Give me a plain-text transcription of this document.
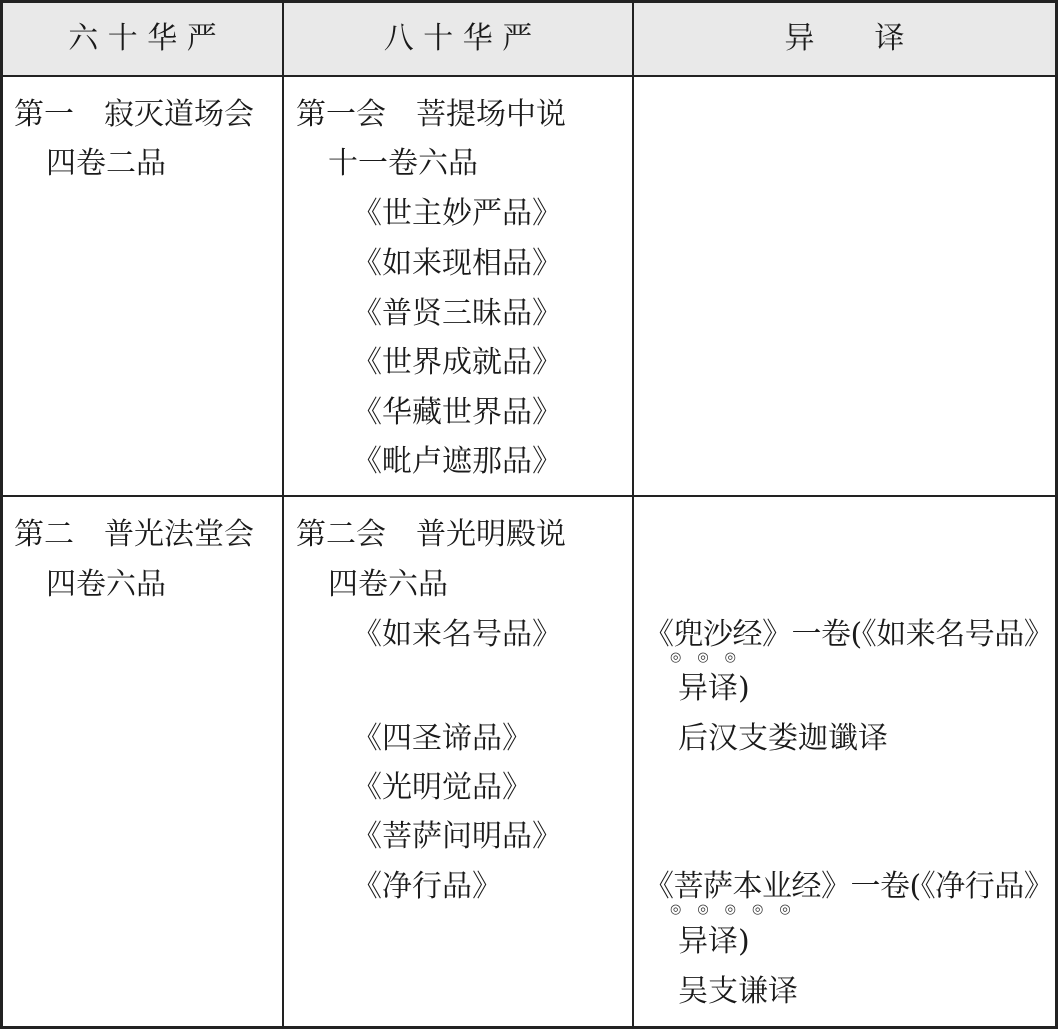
六 十 华 严	八 十 华 严	异　　译
第一　寂灭道场会
四卷二品
第一会　菩提场中说
十一卷六品
《世主妙严品》
《如来现相品》
《普贤三昧品》
《世界成就品》
《华藏世界品》
《毗卢遮那品》
第二　普光法堂会
四卷六品
第二会　普光明殿说
四卷六品
《如来名号品》
《四圣谛品》
《光明觉品》
《菩萨问明品》
《净行品》
《兜沙经》一卷(《如来名号品》
◎◎◎
异译)
后汉支娄迦谶译
《菩萨本业经》一卷(《净行品》
◎◎◎◎◎
异译)
吴支谦译
